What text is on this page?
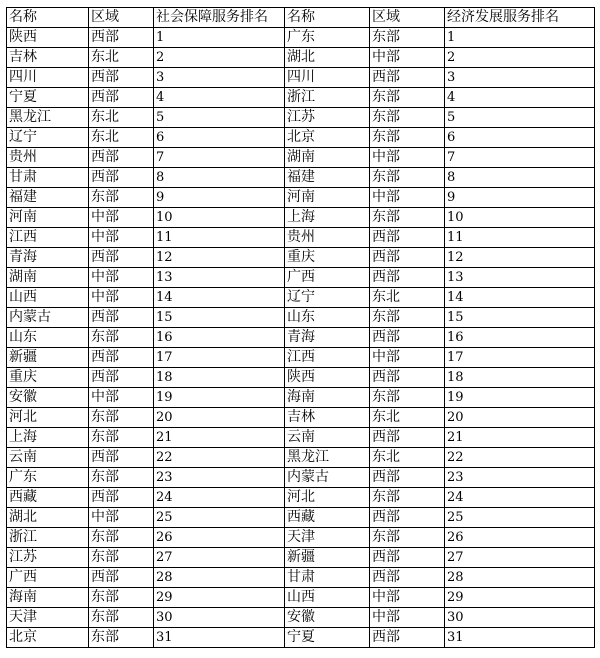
名称	区域	社会保障服务排名	名称	区域	经济发展服务排名
陕西	西部	1	广东	东部	1
吉林	东北	2	湖北	中部	2
四川	西部	3	四川	西部	3
宁夏	西部	4	浙江	东部	4
黑龙江	东北	5	江苏	东部	5
辽宁	东北	6	北京	东部	6
贵州	西部	7	湖南	中部	7
甘肃	西部	8	福建	东部	8
福建	东部	9	河南	中部	9
河南	中部	10	上海	东部	10
江西	中部	11	贵州	西部	11
青海	西部	12	重庆	西部	12
湖南	中部	13	广西	西部	13
山西	中部	14	辽宁	东北	14
内蒙古	西部	15	山东	东部	15
山东	东部	16	青海	西部	16
新疆	西部	17	江西	中部	17
重庆	西部	18	陕西	西部	18
安徽	中部	19	海南	东部	19
河北	东部	20	吉林	东北	20
上海	东部	21	云南	西部	21
云南	西部	22	黑龙江	东北	22
广东	东部	23	内蒙古	西部	23
西藏	西部	24	河北	东部	24
湖北	中部	25	西藏	西部	25
浙江	东部	26	天津	东部	26
江苏	东部	27	新疆	西部	27
广西	西部	28	甘肃	西部	28
海南	东部	29	山西	中部	29
天津	东部	30	安徽	中部	30
北京	东部	31	宁夏	西部	31
